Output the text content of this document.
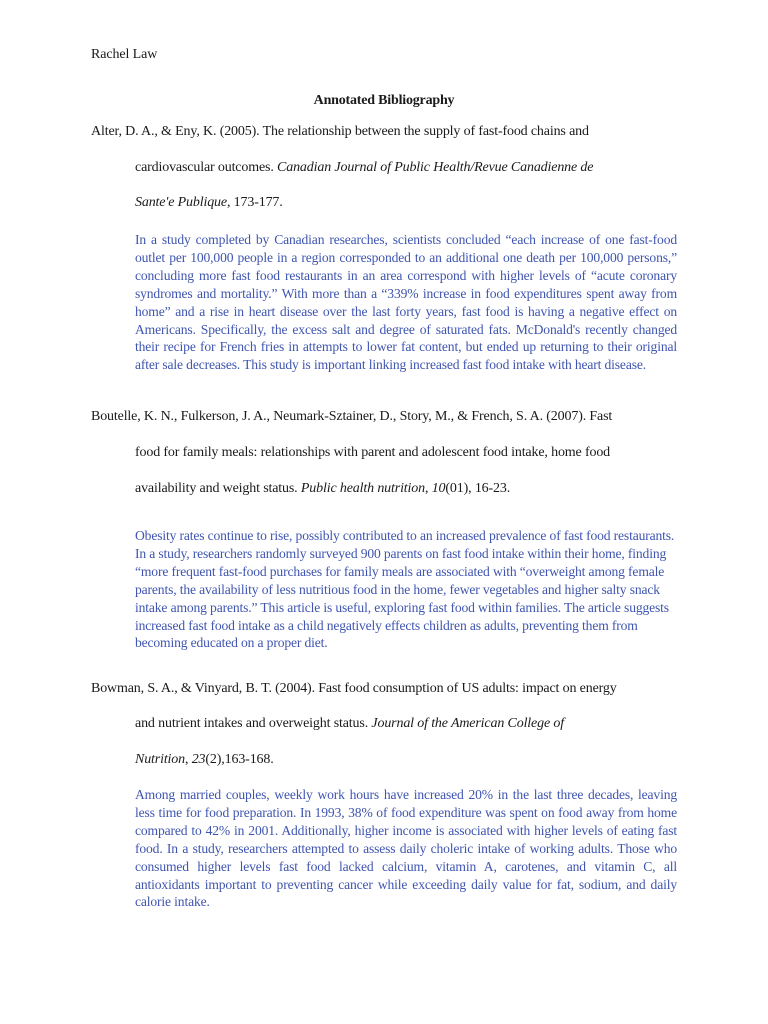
Rachel Law
Annotated Bibliography
Alter, D. A., & Eny, K. (2005). The relationship between the supply of fast-food chains and
cardiovascular outcomes. Canadian Journal of Public Health/Revue Canadienne de
Sante'e Publique, 173-177.
In a study completed by Canadian researches, scientists concluded “each increase of one fast-food outlet per 100,000 people in a region corresponded to an additional one death per 100,000 persons,” concluding more fast food restaurants in an area correspond with higher levels of “acute coronary syndromes and mortality.” With more than a “339% increase in food expenditures spent away from home” and a rise in heart disease over the last forty years, fast food is having a negative effect on Americans. Specifically, the excess salt and degree of saturated fats. McDonald's recently changed their recipe for French fries in attempts to lower fat content, but ended up returning to their original after sale decreases. This study is important linking increased fast food intake with heart disease.
Boutelle, K. N., Fulkerson, J. A., Neumark-Sztainer, D., Story, M., & French, S. A. (2007). Fast
food for family meals: relationships with parent and adolescent food intake, home food
availability and weight status. Public health nutrition, 10(01), 16-23.
Obesity rates continue to rise, possibly contributed to an increased prevalence of fast food restaurants. In a study, researchers randomly surveyed 900 parents on fast food intake within their home, finding “more frequent fast-food purchases for family meals are associated with “overweight among female parents, the availability of less nutritious food in the home, fewer vegetables and higher salty snack intake among parents.” This article is useful, exploring fast food within families. The article suggests increased fast food intake as a child negatively effects children as adults, preventing them from becoming educated on a proper diet.
Bowman, S. A., & Vinyard, B. T. (2004). Fast food consumption of US adults: impact on energy
and nutrient intakes and overweight status. Journal of the American College of
Nutrition, 23(2),163-168.
Among married couples, weekly work hours have increased 20% in the last three decades, leaving less time for food preparation. In 1993, 38% of food expenditure was spent on food away from home compared to 42% in 2001. Additionally, higher income is associated with higher levels of eating fast food. In a study, researchers attempted to assess daily choleric intake of working adults. Those who consumed higher levels fast food lacked calcium, vitamin A, carotenes, and vitamin C, all antioxidants important to preventing cancer while exceeding daily value for fat, sodium, and daily calorie intake.
